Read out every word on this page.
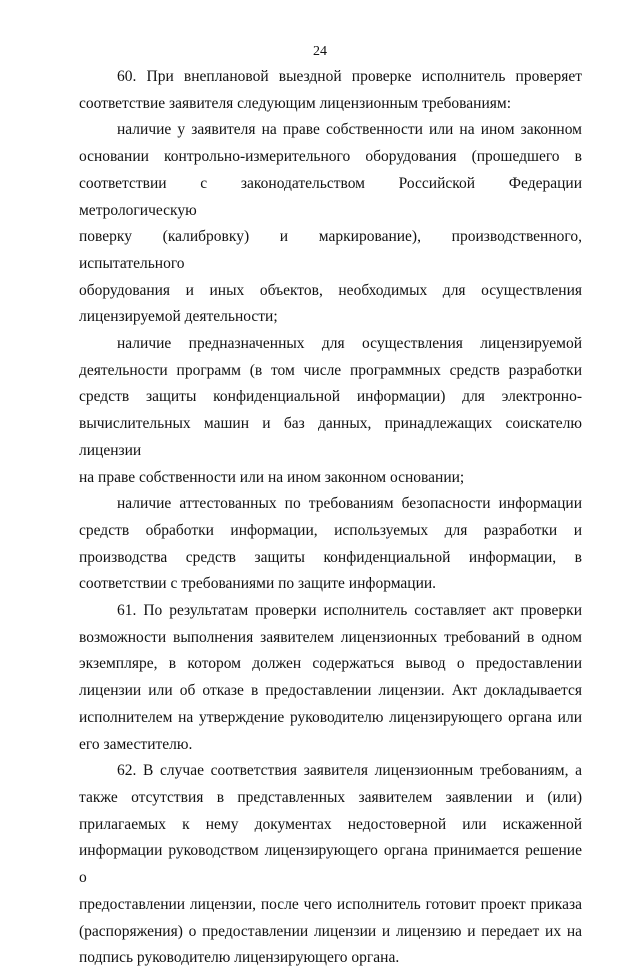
24

60. При внеплановой выездной проверке исполнитель проверяет
соответствие заявителя следующим лицензионным требованиям:

наличие у заявителя на праве собственности или на ином законном
основании контрольно-измерительного оборудования (прошедшего в
соответствии с законодательством Российской Федерации метрологическую
поверку (калибровку) и маркирование), производственного, испытательного
оборудования и иных объектов, необходимых для осуществления
лицензируемой деятельности;

наличие предназначенных для осуществления лицензируемой
деятельности программ (в том числе программных средств разработки
средств защиты конфиденциальной информации) для электронно-
вычислительных машин и баз данных, принадлежащих соискателю лицензии
на праве собственности или на ином законном основании;

наличие аттестованных по требованиям безопасности информации
средств обработки информации, используемых для разработки и
производства средств защиты конфиденциальной информации, в
соответствии с требованиями по защите информации.

61. По результатам проверки исполнитель составляет акт проверки
возможности выполнения заявителем лицензионных требований в одном
экземпляре, в котором должен содержаться вывод о предоставлении
лицензии или об отказе в предоставлении лицензии. Акт докладывается
исполнителем на утверждение руководителю лицензирующего органа или
его заместителю.

62. В случае соответствия заявителя лицензионным требованиям, а
также отсутствия в представленных заявителем заявлении и (или)
прилагаемых к нему документах недостоверной или искаженной
информации руководством лицензирующего органа принимается решение о
предоставлении лицензии, после чего исполнитель готовит проект приказа
(распоряжения) о предоставлении лицензии и лицензию и передает их на
подпись руководителю лицензирующего органа.
